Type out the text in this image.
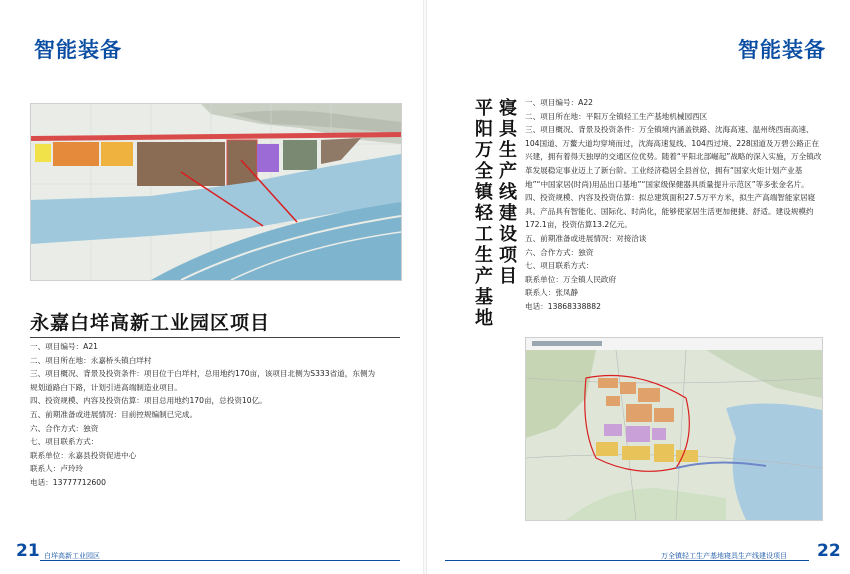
智能装备
永嘉白垟高新工业园区项目
一、项目编号：A21
二、项目所在地：永嘉桥头镇白垟村
三、项目概况、背景及投资条件：项目位于白垟村，总用地约170亩，该项目北侧为S333省道，东侧为
规划道路白下路，计划引进高端制造业项目。
四、投资规模、内容及投资估算：项目总用地约170亩，总投资10亿。
五、前期准备或进展情况：目前控规编制已完成。
六、合作方式：独资
七、项目联系方式：
联系单位：永嘉县投资促进中心
联系人：卢玲玲
电话：13777712600
21 白垟高新工业园区
智能装备
寝具生产线建设项目
平阳万全镇轻工生产基地	一、项目编号：A22
二、项目所在地：平阳万全镇轻工生产基地机械园西区
三、项目概况、背景及投资条件：万全镇境内涵盖铁路、沈海高速、温州绕西南高速、104国道、万鳌大道均穿境而过，沈海高速复线、104西过境、228国道及万碧公路正在兴建，拥有着得天独厚的交通区位优势。随着“平阳北部崛起”战略的深入实施，万全镇改革发展稳定事业迈上了新台阶。工业经济稳居全县首位，拥有“国家火炬计划产业基地”“中国家居(时尚)用品出口基地”“国家级保健器具质量提升示范区”等多张金名片。
四、投资规模、内容及投资估算：拟总建筑面积27.5万平方米，拟生产高端智能家居寝具。产品具有智能化、国际化、时尚化，能够使家居生活更加便捷、舒适。建设规模约172.1亩，投资估算13.2亿元。
五、前期准备或进展情况：对接洽谈
六、合作方式：独资
七、项目联系方式：
联系单位：万全镇人民政府
联系人：张凤静
电话：13868338882
22
万全镇轻工生产基地寝具生产线建设项目
